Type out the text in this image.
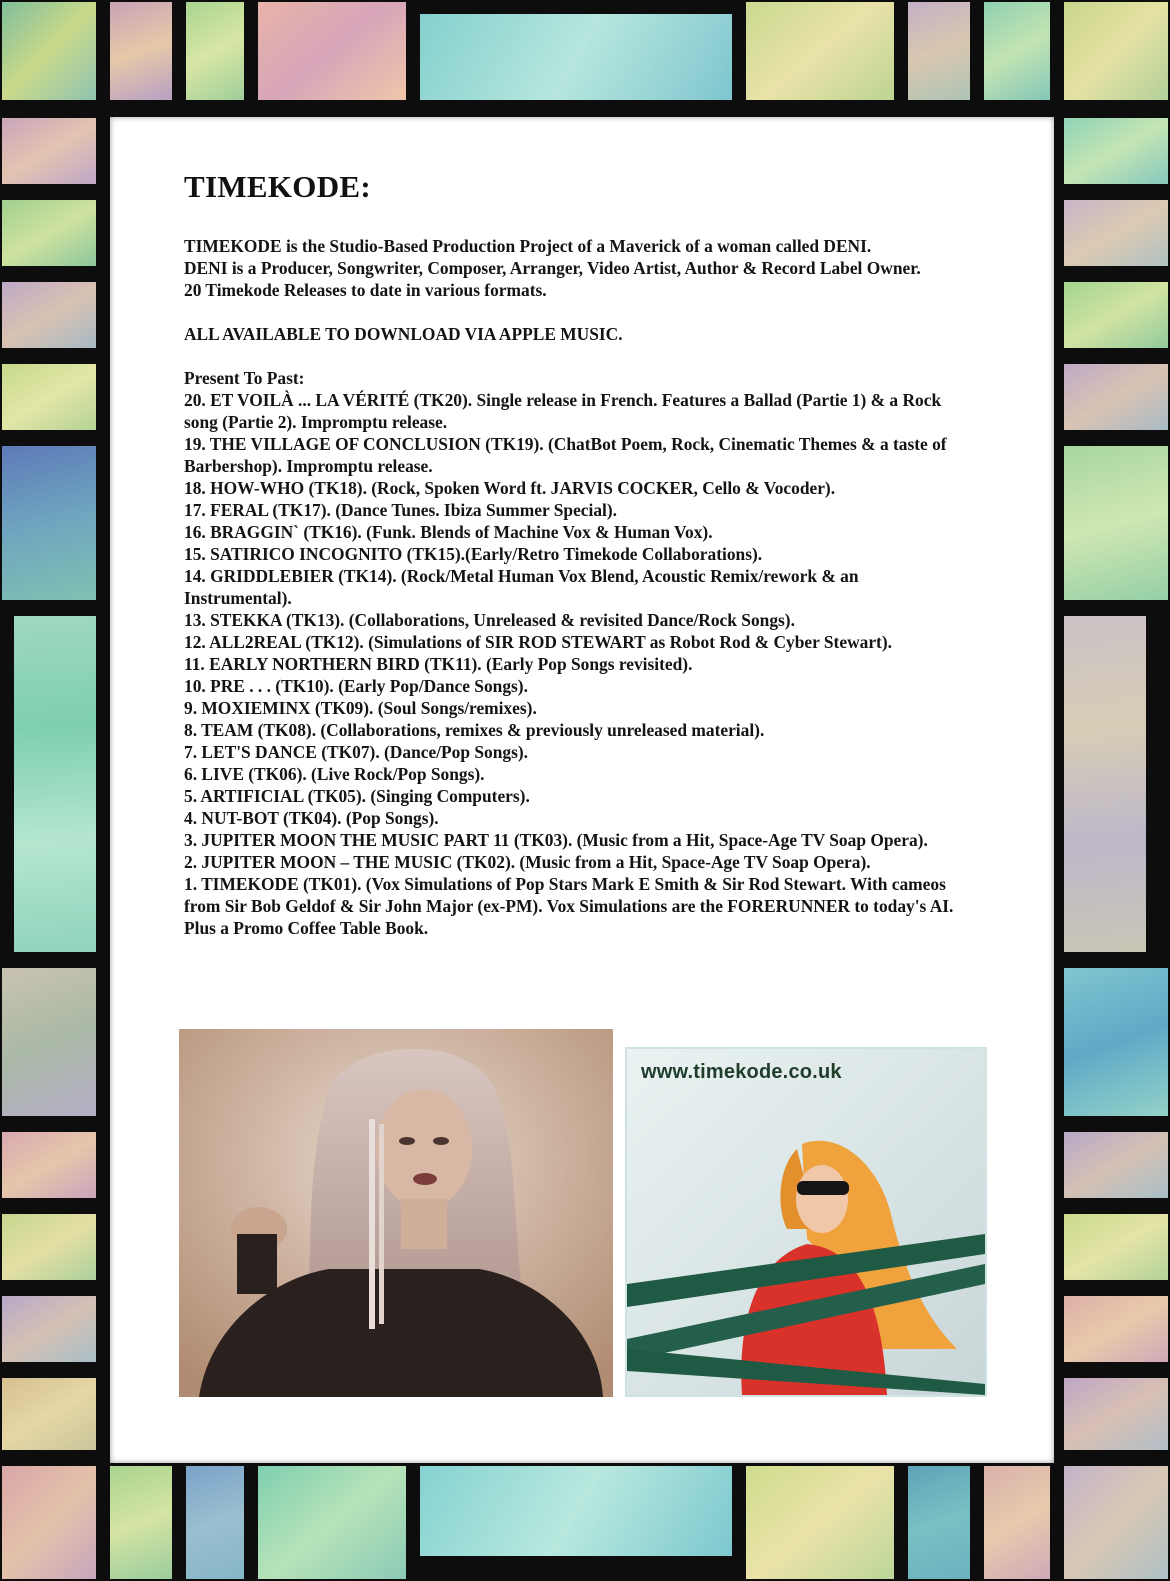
TIMEKODE:

TIMEKODE is the Studio-Based Production Project of a Maverick of a woman called DENI.

DENI is a Producer, Songwriter, Composer, Arranger, Video Artist, Author & Record Label Owner.

20 Timekode Releases to date in various formats.

ALL AVAILABLE TO DOWNLOAD VIA APPLE MUSIC.

Present To Past:

20. ET VOILÀ ... LA VÉRITÉ (TK20). Single release in French. Features a Ballad (Partie 1) & a Rock song (Partie 2). Impromptu release.

19. THE VILLAGE OF CONCLUSION (TK19). (ChatBot Poem, Rock, Cinematic Themes & a taste of Barbershop). Impromptu release.

18. HOW-WHO (TK18). (Rock, Spoken Word ft. JARVIS COCKER, Cello & Vocoder).

17. FERAL (TK17). (Dance Tunes. Ibiza Summer Special).

16. BRAGGIN` (TK16). (Funk. Blends of Machine Vox & Human Vox).

15. SATIRICO INCOGNITO (TK15).(Early/Retro Timekode Collaborations).

14. GRIDDLEBIER (TK14). (Rock/Metal Human Vox Blend, Acoustic Remix/rework & an Instrumental).

13. STEKKA (TK13). (Collaborations, Unreleased & revisited Dance/Rock Songs).

12. ALL2REAL (TK12). (Simulations of SIR ROD STEWART as Robot Rod & Cyber Stewart).

11. EARLY NORTHERN BIRD (TK11). (Early Pop Songs revisited).

10. PRE . . . (TK10). (Early Pop/Dance Songs).

9. MOXIEMINX (TK09). (Soul Songs/remixes).

8. TEAM (TK08). (Collaborations, remixes & previously unreleased material).

7. LET'S DANCE (TK07). (Dance/Pop Songs).

6. LIVE (TK06). (Live Rock/Pop Songs).

5. ARTIFICIAL (TK05). (Singing Computers).

4. NUT-BOT (TK04). (Pop Songs).

3. JUPITER MOON THE MUSIC PART 11 (TK03). (Music from a Hit, Space-Age TV Soap Opera).

2. JUPITER MOON – THE MUSIC (TK02). (Music from a Hit, Space-Age TV Soap Opera).

1. TIMEKODE (TK01). (Vox Simulations of Pop Stars Mark E Smith & Sir Rod Stewart. With cameos from Sir Bob Geldof & Sir John Major (ex-PM). Vox Simulations are the FORERUNNER to today's AI. Plus a Promo Coffee Table Book.

www.timekode.co.uk
